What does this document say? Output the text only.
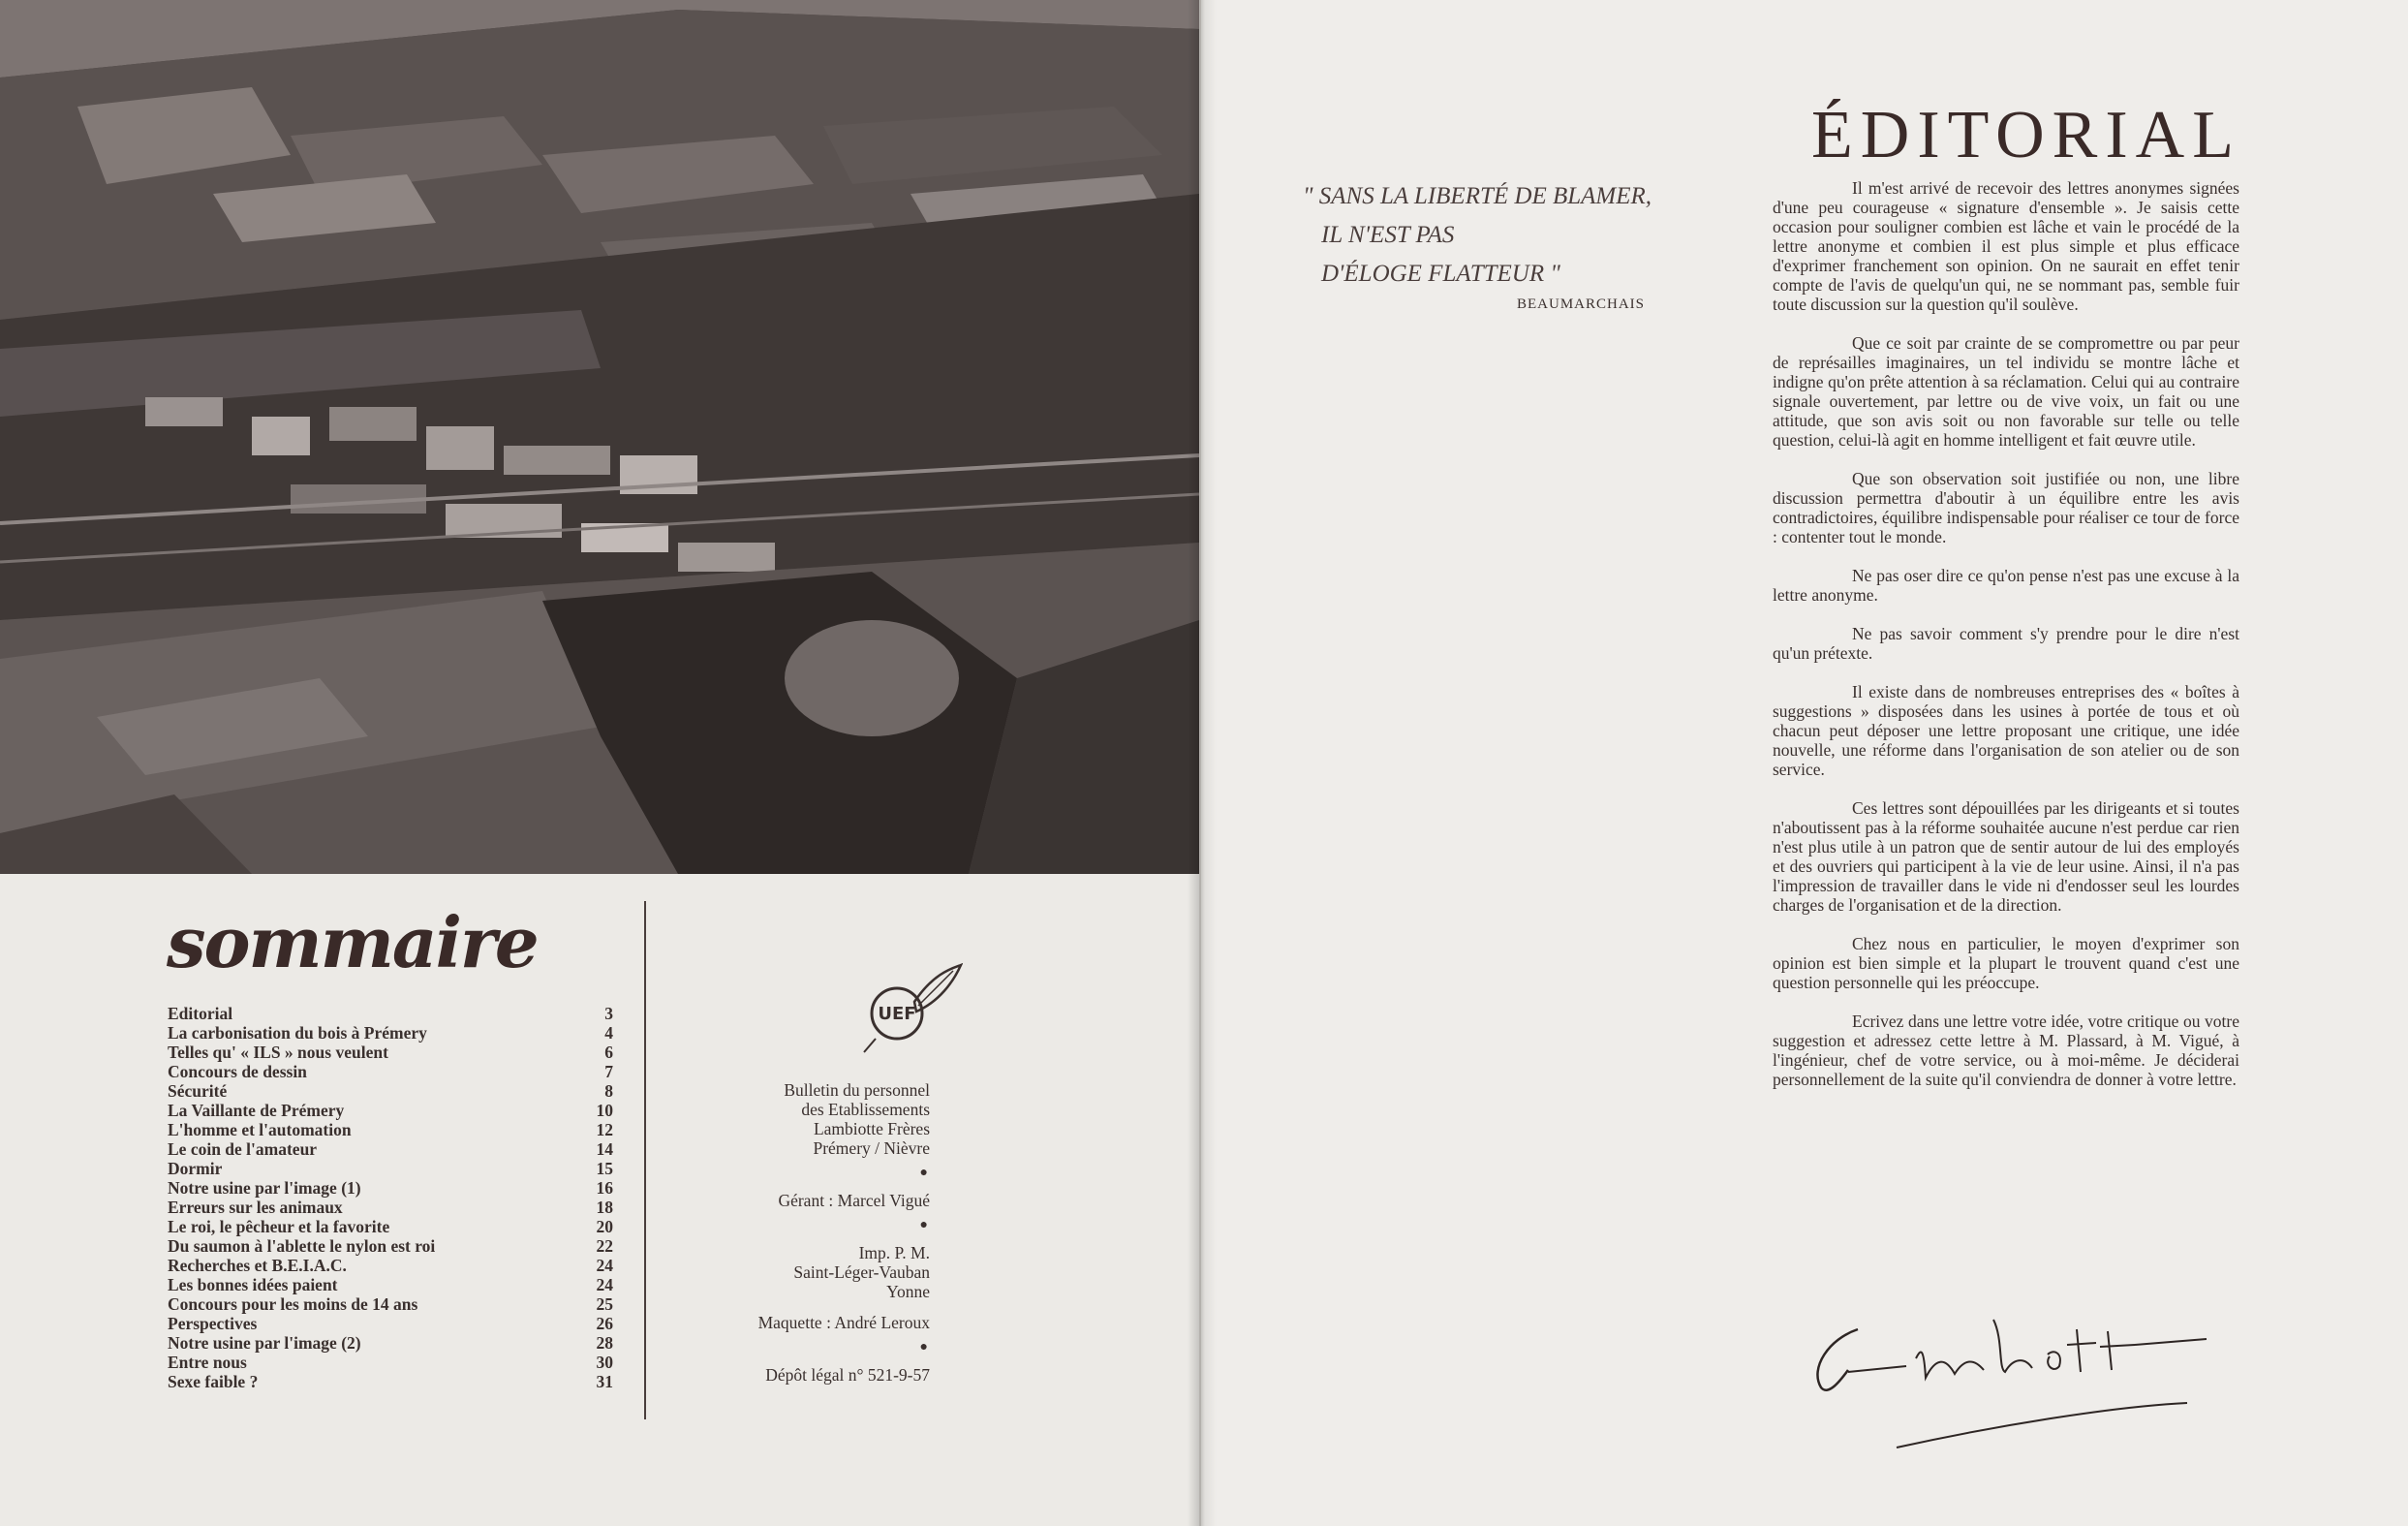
sommaire
Editorial	3
La carbonisation du bois à Prémery	4
Telles qu' « ILS » nous veulent	6
Concours de dessin	7
Sécurité	8
La Vaillante de Prémery	10
L'homme et l'automation	12
Le coin de l'amateur	14
Dormir	15
Notre usine par l'image (1)	16
Erreurs sur les animaux	18
Le roi, le pêcheur et la favorite	20
Du saumon à l'ablette le nylon est roi	22
Recherches et B.E.I.A.C.	24
Les bonnes idées paient	24
Concours pour les moins de 14 ans	25
Perspectives	26
Notre usine par l'image (2)	28
Entre nous	30
Sexe faible ?	31
UEF
Bulletin du personnel
des Etablissements
Lambiotte Frères
Prémery / Nièvre
●
Gérant : Marcel Vigué
●
Imp. P. M.
Saint-Léger-Vauban
Yonne
Maquette : André Leroux
●
Dépôt légal n° 521-9-57
" SANS LA LIBERTÉ DE BLAMER,
IL N'EST PAS
D'ÉLOGE FLATTEUR "
BEAUMARCHAIS
ÉDITORIAL

Il m'est arrivé de recevoir des lettres anonymes signées d'une peu courageuse « signature d'ensemble ». Je saisis cette occasion pour souligner combien est lâche et vain le procédé de la lettre anonyme et combien il est plus simple et plus efficace d'exprimer franchement son opinion. On ne saurait en effet tenir compte de l'avis de quelqu'un qui, ne se nommant pas, semble fuir toute discussion sur la question qu'il soulève.

Que ce soit par crainte de se compromettre ou par peur de représailles imaginaires, un tel individu se montre lâche et indigne qu'on prête attention à sa réclamation. Celui qui au contraire signale ouvertement, par lettre ou de vive voix, un fait ou une attitude, que son avis soit ou non favorable sur telle ou telle question, celui-là agit en homme intelligent et fait œuvre utile.

Que son observation soit justifiée ou non, une libre discussion permettra d'aboutir à un équilibre entre les avis contradictoires, équilibre indispensable pour réaliser ce tour de force : contenter tout le monde.

Ne pas oser dire ce qu'on pense n'est pas une excuse à la lettre anonyme.

Ne pas savoir comment s'y prendre pour le dire n'est qu'un prétexte.

Il existe dans de nombreuses entreprises des « boîtes à suggestions » disposées dans les usines à portée de tous et où chacun peut déposer une lettre proposant une critique, une idée nouvelle, une réforme dans l'organisation de son atelier ou de son service.

Ces lettres sont dépouillées par les dirigeants et si toutes n'aboutissent pas à la réforme souhaitée aucune n'est perdue car rien n'est plus utile à un patron que de sentir autour de lui des employés et des ouvriers qui participent à la vie de leur usine. Ainsi, il n'a pas l'impression de travailler dans le vide ni d'endosser seul les lourdes charges de l'organisation et de la direction.

Chez nous en particulier, le moyen d'exprimer son opinion est bien simple et la plupart le trouvent quand c'est une question personnelle qui les préoccupe.

Ecrivez dans une lettre votre idée, votre critique ou votre suggestion et adressez cette lettre à M. Plassard, à M. Vigué, à l'ingénieur, chef de votre service, ou à moi-même. Je déciderai personnellement de la suite qu'il conviendra de donner à votre lettre.
